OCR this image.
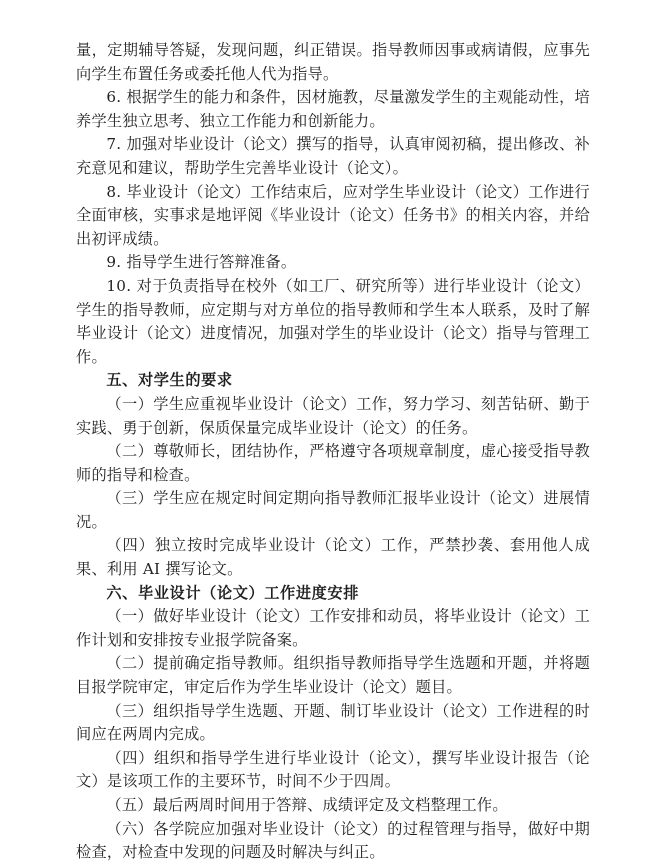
量，定期辅导答疑，发现问题，纠正错误。指导教师因事或病请假，应事先向学生布置任务或委托他人代为指导。

6. 根据学生的能力和条件，因材施教，尽量激发学生的主观能动性，培养学生独立思考、独立工作能力和创新能力。

7. 加强对毕业设计（论文）撰写的指导，认真审阅初稿，提出修改、补充意见和建议，帮助学生完善毕业设计（论文）。

8. 毕业设计（论文）工作结束后，应对学生毕业设计（论文）工作进行全面审核，实事求是地评阅《毕业设计（论文）任务书》的相关内容，并给出初评成绩。

9. 指导学生进行答辩准备。

10. 对于负责指导在校外（如工厂、研究所等）进行毕业设计（论文）学生的指导教师，应定期与对方单位的指导教师和学生本人联系，及时了解毕业设计（论文）进度情况，加强对学生的毕业设计（论文）指导与管理工作。

五、对学生的要求

（一）学生应重视毕业设计（论文）工作，努力学习、刻苦钻研、勤于实践、勇于创新，保质保量完成毕业设计（论文）的任务。

（二）尊敬师长，团结协作，严格遵守各项规章制度，虚心接受指导教师的指导和检查。

（三）学生应在规定时间定期向指导教师汇报毕业设计（论文）进展情况。

（四）独立按时完成毕业设计（论文）工作，严禁抄袭、套用他人成果、利用 AI 撰写论文。

六、毕业设计（论文）工作进度安排

（一）做好毕业设计（论文）工作安排和动员，将毕业设计（论文）工作计划和安排按专业报学院备案。

（二）提前确定指导教师。组织指导教师指导学生选题和开题，并将题目报学院审定，审定后作为学生毕业设计（论文）题目。

（三）组织指导学生选题、开题、制订毕业设计（论文）工作进程的时间应在两周内完成。

（四）组织和指导学生进行毕业设计（论文），撰写毕业设计报告（论文）是该项工作的主要环节，时间不少于四周。

（五）最后两周时间用于答辩、成绩评定及文档整理工作。

（六）各学院应加强对毕业设计（论文）的过程管理与指导，做好中期检查，对检查中发现的问题及时解决与纠正。
